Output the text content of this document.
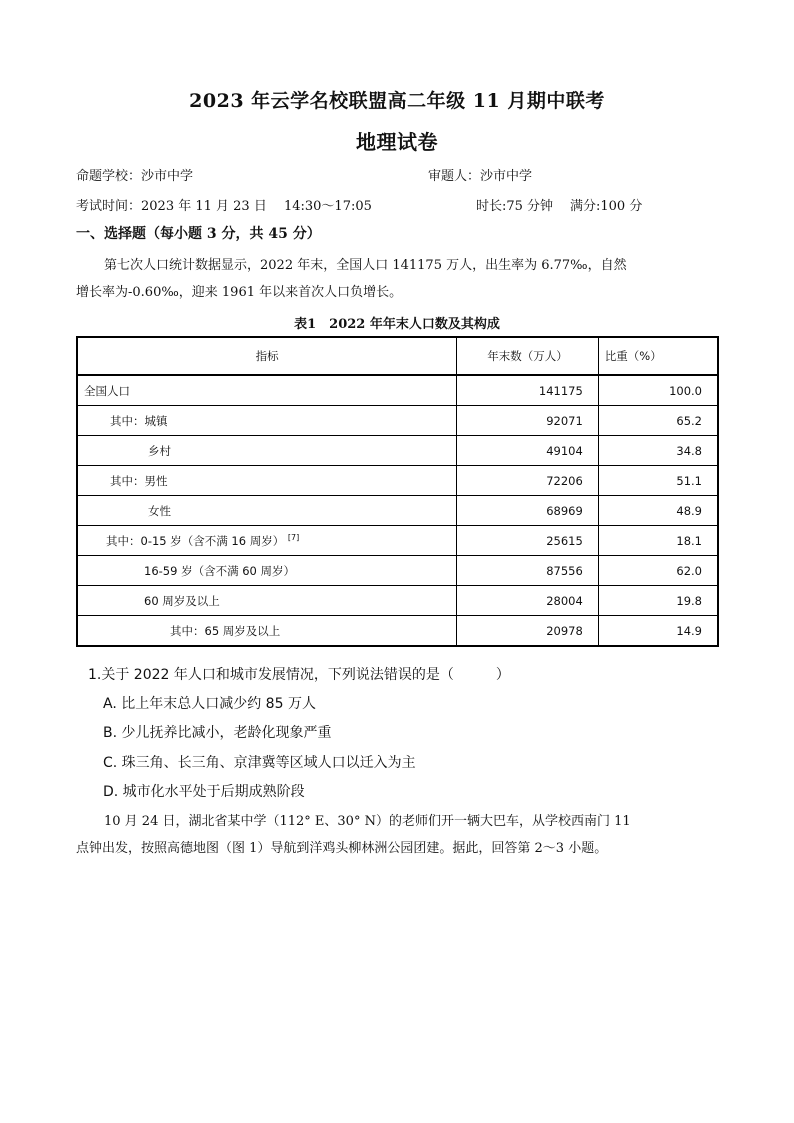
2023 年云学名校联盟高二年级 11 月期中联考
地理试卷
命题学校：沙市中学	审题人：沙市中学
考试时间：2023 年 11 月 23 日　 14:30～17:05	时长:75 分钟 满分:100 分
一、选择题（每小题 3 分，共 45 分）
第七次人口统计数据显示，2022 年末，全国人口 141175 万人，出生率为 6.77‰，自然
增长率为-0.60‰，迎来 1961 年以来首次人口负增长。
表1　2022 年年末人口数及其构成
指标	年末数（万人）	比重（%）
全国人口	141175	100.0
其中：城镇	92071	65.2
乡村	49104	34.8
其中：男性	72206	51.1
女性	68969	48.9
其中：0-15 岁（含不满 16 周岁） [7]	25615	18.1
16-59 岁（含不满 60 周岁）	87556	62.0
60 周岁及以上	28004	19.8
其中：65 周岁及以上	20978	14.9
1.关于 2022 年人口和城市发展情况，下列说法错误的是（　　　）
A. 比上年末总人口减少约 85 万人
B. 少儿抚养比减小，老龄化现象严重
C. 珠三角、长三角、京津冀等区域人口以迁入为主
D. 城市化水平处于后期成熟阶段
10 月 24 日，湖北省某中学（112° E、30° N）的老师们开一辆大巴车，从学校西南门 11
点钟出发，按照高德地图（图 1）导航到洋鸡头柳林洲公园团建。据此，回答第 2～3 小题。
